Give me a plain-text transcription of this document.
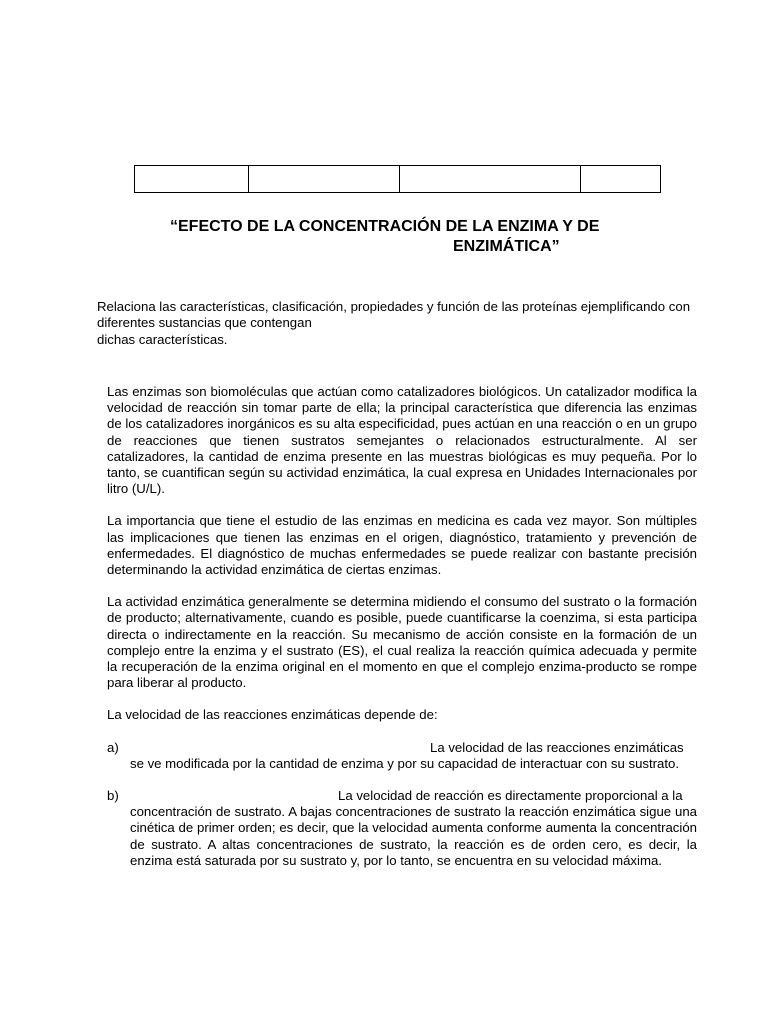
“EFECTO DE LA CONCENTRACIÓN DE LA ENZIMA Y DE
ENZIMÁTICA”
Relaciona las características, clasificación, propiedades y función de las proteínas ejemplificando con
diferentes sustancias que contengan
dichas características.

Las enzimas son biomoléculas que actúan como catalizadores biológicos. Un catalizador modifica la velocidad de reacción sin tomar parte de ella; la principal característica que diferencia las enzimas de los catalizadores inorgánicos es su alta especificidad, pues actúan en una reacción o en un grupo de reacciones que tienen sustratos semejantes o relacionados estructuralmente. Al ser catalizadores, la cantidad de enzima presente en las muestras biológicas es muy pequeña. Por lo tanto, se cuantifican según su actividad enzimática, la cual expresa en Unidades Internacionales por litro (U/L).

La importancia que tiene el estudio de las enzimas en medicina es cada vez mayor. Son múltiples las implicaciones que tienen las enzimas en el origen, diagnóstico, tratamiento y prevención de enfermedades. El diagnóstico de muchas enfermedades se puede realizar con bastante precisión determinando la actividad enzimática de ciertas enzimas.

La actividad enzimática generalmente se determina midiendo el consumo del sustrato o la formación de producto; alternativamente, cuando es posible, puede cuantificarse la coenzima, si esta participa directa o indirectamente en la reacción. Su mecanismo de acción consiste en la formación de un complejo entre la enzima y el sustrato (ES), el cual realiza la reacción química adecuada y permite la recuperación de la enzima original en el momento en que el complejo enzima-producto se rompe para liberar al producto.

La velocidad de las reacciones enzimáticas depende de:

a)	La velocidad de las reacciones enzimáticas
se ve modificada por la cantidad de enzima y por su capacidad de interactuar con su sustrato.
b)	La velocidad de reacción es directamente proporcional a la
concentración de sustrato. A bajas concentraciones de sustrato la reacción enzimática sigue una cinética de primer orden; es decir, que la velocidad aumenta conforme aumenta la concentración de sustrato. A altas concentraciones de sustrato, la reacción es de orden cero, es decir, la enzima está saturada por su sustrato y, por lo tanto, se encuentra en su velocidad máxima.
